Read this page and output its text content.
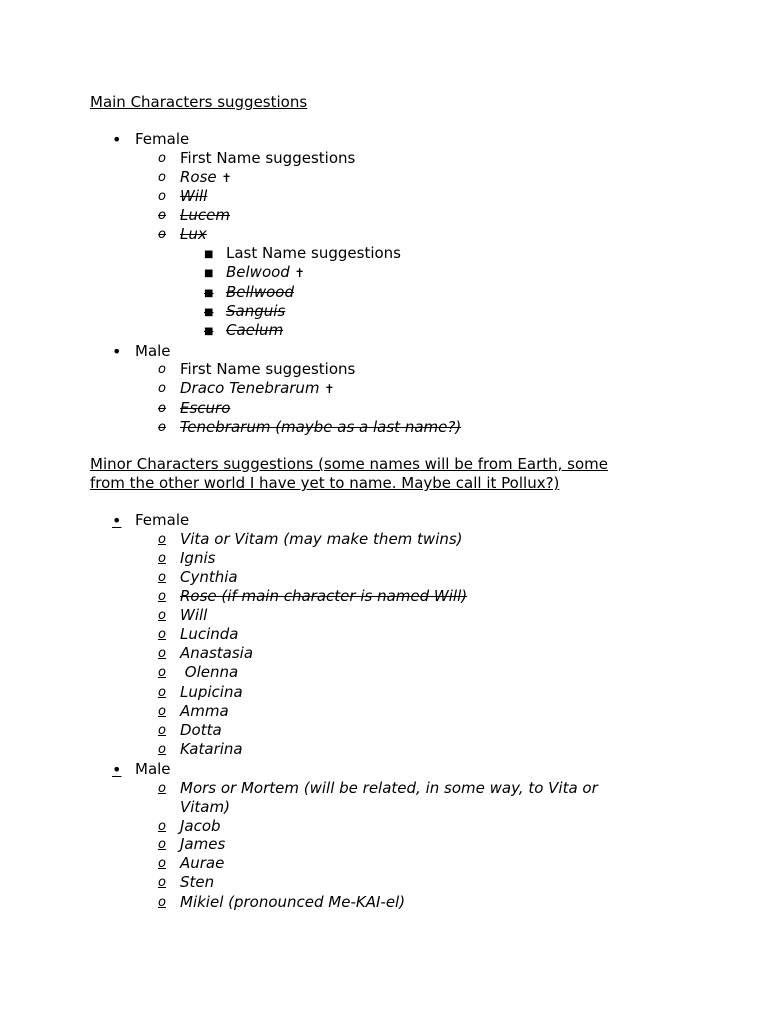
Main Characters suggestions
• Female
o First Name suggestions
o Rose ✝
o Will
o Lucem
o Lux
■ Last Name suggestions
■ Belwood ✝
■ Bellwood
■ Sanguis
■ Caelum
• Male
o First Name suggestions
o Draco Tenebrarum ✝
o Escuro
o Tenebrarum (maybe as a last name?)
Minor Characters suggestions (some names will be from Earth, some
from the other world I have yet to name. Maybe call it Pollux?)
• Female
• Male
o Vita or Vitam (may make them twins)
o Ignis
o Cynthia
o Rose (if main character is named Will)
o Will
o Lucinda
o Anastasia
o Olenna
o Lupicina
o Amma
o Dotta
o Katarina
o Mors or Mortem (will be related, in some way, to Vita or
Vitam)
o Jacob
o James
o Aurae
o Sten
o Mikiel (pronounced Me-KAI-el)
